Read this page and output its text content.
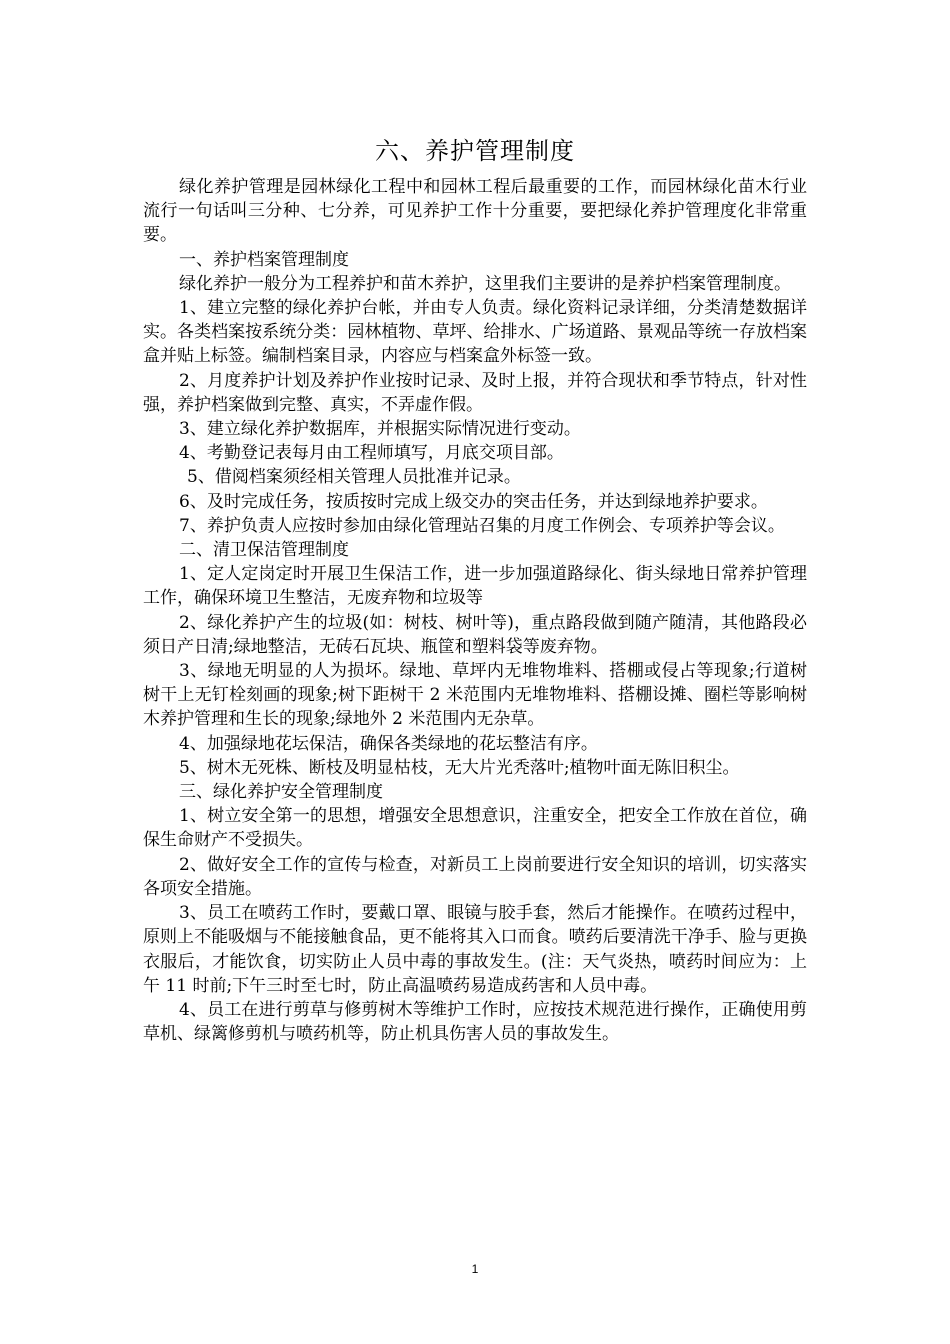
六、养护管理制度

绿化养护管理是园林绿化工程中和园林工程后最重要的工作，而园林绿化苗木行业流行一句话叫三分种、七分养，可见养护工作十分重要，要把绿化养护管理度化非常重要。

一、养护档案管理制度

绿化养护一般分为工程养护和苗木养护，这里我们主要讲的是养护档案管理制度。

1、建立完整的绿化养护台帐，并由专人负责。绿化资料记录详细，分类清楚数据详实。各类档案按系统分类：园林植物、草坪、给排水、广场道路、景观品等统一存放档案盒并贴上标签。编制档案目录，内容应与档案盒外标签一致。

2、月度养护计划及养护作业按时记录、及时上报，并符合现状和季节特点，针对性强，养护档案做到完整、真实，不弄虚作假。

3、建立绿化养护数据库，并根据实际情况进行变动。

4、考勤登记表每月由工程师填写，月底交项目部。

5、借阅档案须经相关管理人员批准并记录。

6、及时完成任务，按质按时完成上级交办的突击任务，并达到绿地养护要求。

7、养护负责人应按时参加由绿化管理站召集的月度工作例会、专项养护等会议。

二、清卫保洁管理制度

1、定人定岗定时开展卫生保洁工作，进一步加强道路绿化、街头绿地日常养护管理工作，确保环境卫生整洁，无废弃物和垃圾等

2、绿化养护产生的垃圾(如：树枝、树叶等)，重点路段做到随产随清，其他路段必须日产日清;绿地整洁，无砖石瓦块、瓶筐和塑料袋等废弃物。

3、绿地无明显的人为损坏。绿地、草坪内无堆物堆料、搭棚或侵占等现象;行道树树干上无钉栓刻画的现象;树下距树干 2 米范围内无堆物堆料、搭棚设摊、圈栏等影响树木养护管理和生长的现象;绿地外 2 米范围内无杂草。

4、加强绿地花坛保洁，确保各类绿地的花坛整洁有序。

5、树木无死株、断枝及明显枯枝，无大片光秃落叶;植物叶面无陈旧积尘。

三、绿化养护安全管理制度

1、树立安全第一的思想，增强安全思想意识，注重安全，把安全工作放在首位，确保生命财产不受损失。

2、做好安全工作的宣传与检查，对新员工上岗前要进行安全知识的培训，切实落实各项安全措施。

3、员工在喷药工作时，要戴口罩、眼镜与胶手套，然后才能操作。在喷药过程中，原则上不能吸烟与不能接触食品，更不能将其入口而食。喷药后要清洗干净手、脸与更换衣服后，才能饮食，切实防止人员中毒的事故发生。(注：天气炎热，喷药时间应为：上午 11 时前;下午三时至七时，防止高温喷药易造成药害和人员中毒。

4、员工在进行剪草与修剪树木等维护工作时，应按技术规范进行操作，正确使用剪草机、绿篱修剪机与喷药机等，防止机具伤害人员的事故发生。

1
